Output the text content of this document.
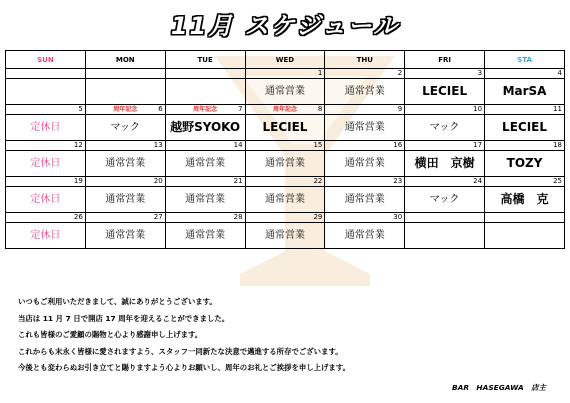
11月 スケジュール
SUN	MON	TUE	WED	THU	FRI	STA

			1	2	3	4

			通常営業	通常営業	LECIEL	MarSA

5	周年記念 6	周年記念 7	周年記念 8	9	10	11

定休日	マック	越野SYOKO	LECIEL	通常営業	マック	LECIEL

12	13	14	15	16	17	18

定休日	通常営業	通常営業	通常営業	通常営業	横田　京樹	TOZY

19	20	21	22	23	24	25

定休日	通常営業	通常営業	通常営業	通常営業	マック	高橋　克

26	27	28	29	30		

定休日	通常営業	通常営業	通常営業	通常営業		

いつもご利用いただきまして、誠にありがとうございます。
当店は 11 月 7 日で開店 17 周年を迎えることができました。
これも皆様のご愛顧の賜物と心より感謝申し上げます。
これからも末永く皆様に愛されますよう、スタッフ一同新たな決意で邁進する所存でございます。
今後とも変わらぬお引き立てと賜りますよう心よりお願いし、周年のお礼とご挨拶を申し上げます。
BAR　HASEGAWA　店主
